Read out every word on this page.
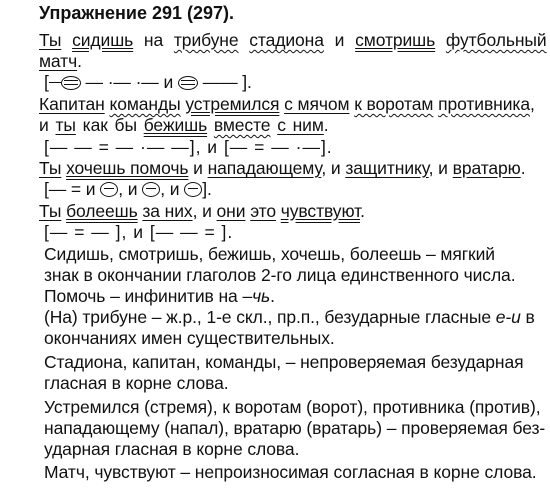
Упражнение 291 (297).
Ты сидишь на трибуне стадиона и смотришь футбольный
матч.
[ — ·— ·— и —— ].
Капитан команды устремился с мячом к воротам противника,
и ты как бы бежишь вместе с ним.
[— — = — ·— —], и [— = — ·—].
Ты хочешь помочь и нападающему, и защитнику, и вратарю.
[— = и , и , и ].
Ты болеешь за них, и они это чувствуют.
[— = — ], и [— — = ].
Сидишь, смотришь, бежишь, хочешь, болеешь – мягкий
знак в окончании глаголов 2-го лица единственного числа.
Помочь – инфинитив на –чь.
(На) трибуне – ж.р., 1-е скл., пр.п., безударные гласные е-и в
окончаниях имен существительных.
Стадиона, капитан, команды, – непроверяемая безударная
гласная в корне слова.
Устремился (стремя), к воротам (ворот), противника (против),
нападающему (напал), вратарю (вратарь) – проверяемая без-
ударная гласная в корне слова.
Матч, чувствуют – непроизносимая согласная в корне слова.
